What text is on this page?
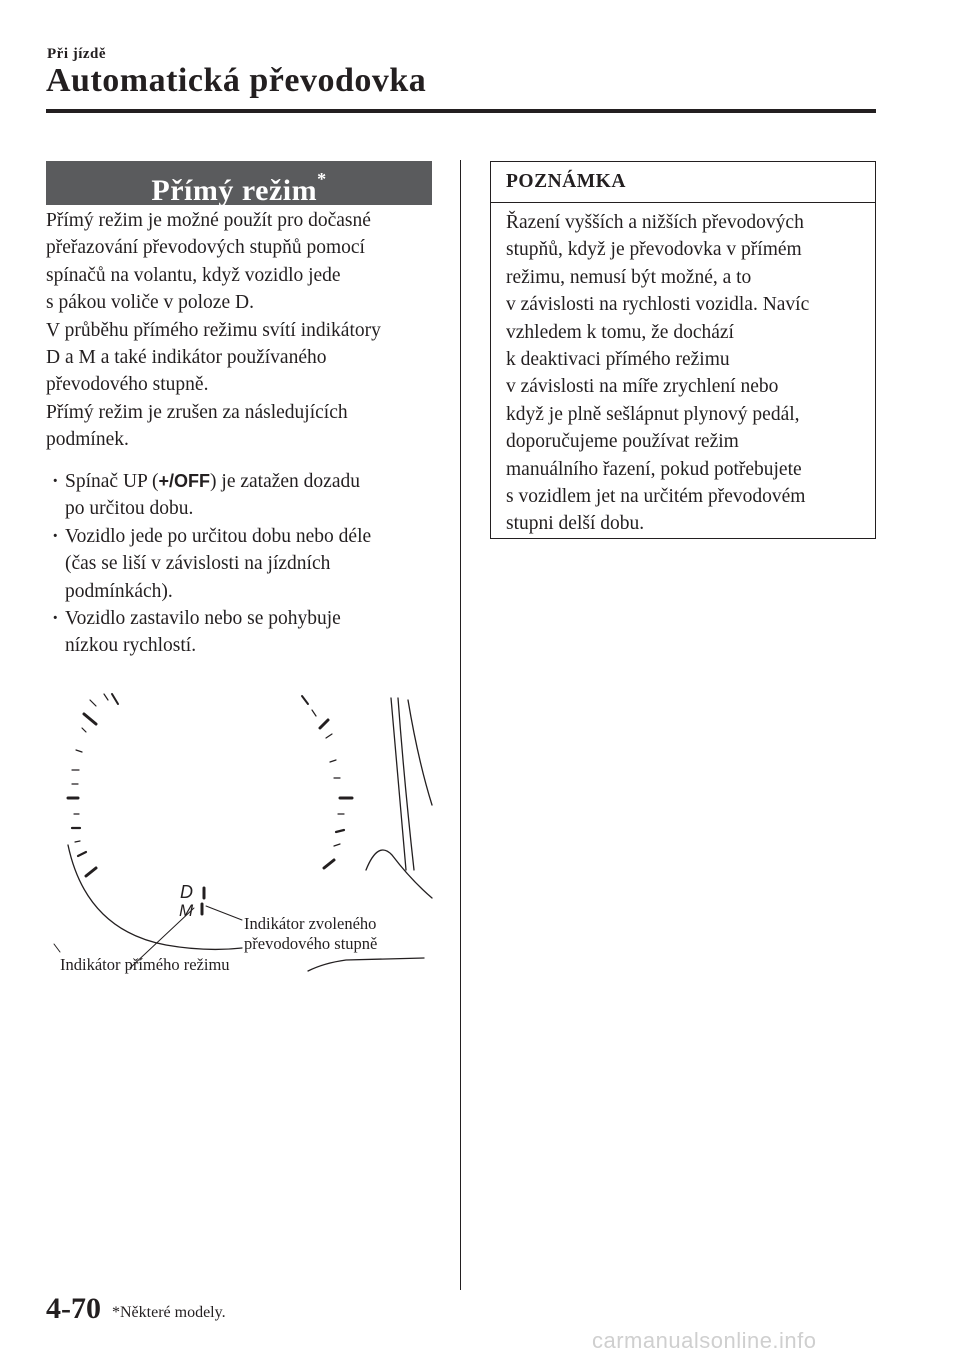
Při jízdě
Automatická převodovka
Přímý režim*
Přímý režim je možné použít pro dočasné
přeřazování převodových stupňů pomocí
spínačů na volantu, když vozidlo jede
s pákou voliče v poloze D.
V průběhu přímého režimu svítí indikátory
D a M a také indikátor používaného
převodového stupně.
Přímý režim je zrušen za následujících
podmínek.
· Spínač UP (+/OFF) je zatažen dozadu
po určitou dobu.
· Vozidlo jede po určitou dobu nebo déle
(čas se liší v závislosti na jízdních
podmínkách).
· Vozidlo zastavilo nebo se pohybuje
nízkou rychlostí.
POZNÁMKA
Řazení vyšších a nižších převodových
stupňů, když je převodovka v přímém
režimu, nemusí být možné, a to
v závislosti na rychlosti vozidla. Navíc
vzhledem k tomu, že dochází
k deaktivaci přímého režimu
v závislosti na míře zrychlení nebo
když je plně sešlápnut plynový pedál,
doporučujeme používat režim
manuálního řazení, pokud potřebujete
s vozidlem jet na určitém převodovém
stupni delší dobu.
D
M
Indikátor zvoleného
převodového stupně
Indikátor přímého režimu
4-70 *Některé modely.
carmanualsonline.info
